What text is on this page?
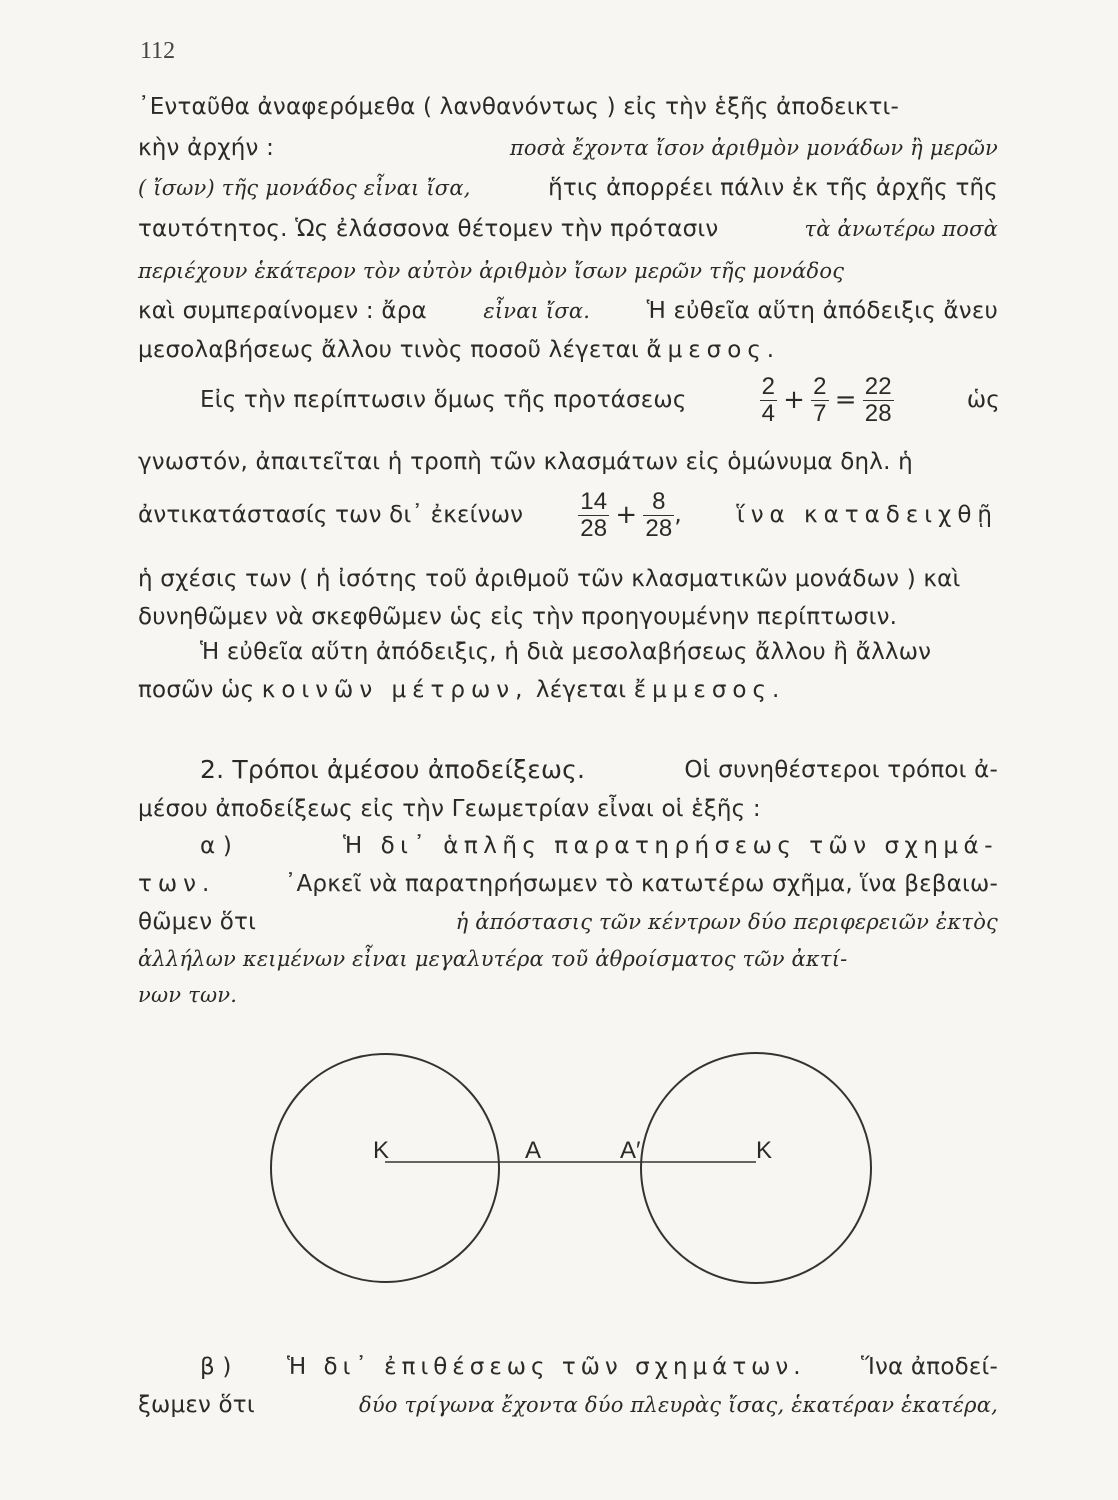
112
᾿Ενταῦθα ἀναφερόμεθα ( λανθανόντως ) εἰς τὴν ἑξῆς ἀποδεικτι-
κὴν ἀρχήν :	ποσὰ ἔχοντα ἴσον ἀριθμὸν μονάδων ἢ μερῶν
( ἴσων) τῆς μονάδος εἶναι ἴσα,	ἥτις ἀπορρέει πάλιν ἐκ τῆς ἀρχῆς τῆς
ταυτότητος. Ὡς ἐλάσσονα θέτομεν τὴν πρότασιν	τὰ ἀνωτέρω ποσὰ
περιέχουν ἑκάτερον τὸν αὐτὸν ἀριθμὸν ἴσων μερῶν τῆς μονάδος
καὶ συμπεραίνομεν : ἄρα	εἶναι ἴσα. Ἡ εὐθεῖα αὕτη ἀπόδειξις ἄνευ
μεσολαβήσεως ἄλλου τινὸς ποσοῦ λέγεται ἄμεσος.
Εἰς τὴν περίπτωσιν ὅμως τῆς προτάσεως	$\frac{2}{4} + \frac{2}{7} = \frac{22}{28}$	ὡς
γνωστόν, ἀπαιτεῖται ἡ τροπὴ τῶν κλασμάτων εἰς ὁμώνυμα δηλ. ἡ
ἀντικατάστασίς των δι᾿ ἐκείνων $\frac{14}{28} + \frac{8}{28}$ , ἵνα καταδειχθῇ
ἡ σχέσις των ( ἡ ἰσότης τοῦ ἀριθμοῦ τῶν κλασματικῶν μονάδων ) καὶ
δυνηθῶμεν νὰ σκεφθῶμεν ὡς εἰς τὴν προηγουμένην περίπτωσιν.
Ἡ εὐθεῖα αὕτη ἀπόδειξις, ἡ διὰ μεσολαβήσεως ἄλλου ἢ ἄλλων
ποσῶν ὡς κοινῶν μέτρων, λέγεται ἔμμεσος.
2. Τρόποι ἀμέσου ἀποδείξεως.	Οἱ συνηθέστεροι τρόποι ἀ-
μέσου ἀποδείξεως εἰς τὴν Γεωμετρίαν εἶναι οἱ ἑξῆς :
α )	Ἡ δι᾿ ἁπλῆς παρατηρήσεως τῶν σχημά-
των.	᾿Αρκεῖ νὰ παρατηρήσωμεν τὸ κατωτέρω σχῆμα, ἵνα βεβαιω-
θῶμεν ὅτι	ἡ ἀπόστασις τῶν κέντρων δύο περιφερειῶν ἐκτὸς
ἀλλήλων κειμένων εἶναι μεγαλυτέρα τοῦ ἀθροίσματος τῶν ἀκτί-
νων των.
K	A	A′	K
β ) Ἡ δι᾿ ἐπιθέσεως τῶν σχημάτων. Ἵνα ἀποδεί-
ξωμεν ὅτι	δύο τρίγωνα ἔχοντα δύο πλευρὰς ἴσας, ἑκατέραν ἑκατέρα,
